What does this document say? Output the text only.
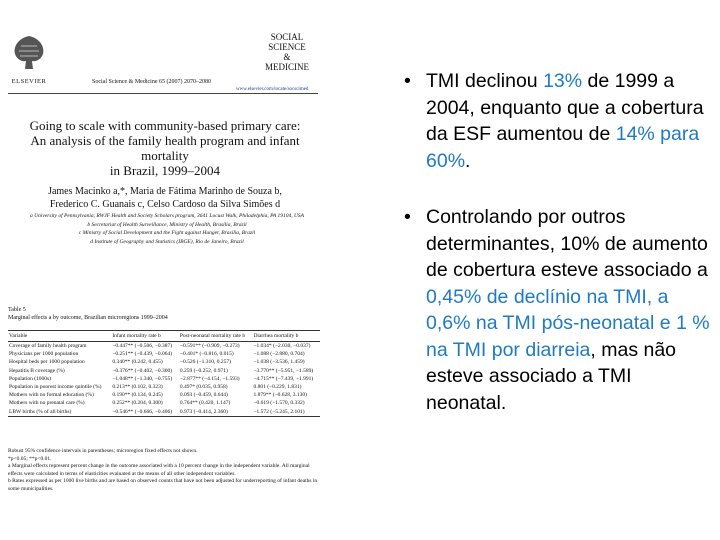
ELSEVIER	Social Science & Medicine 65 (2007) 2070–2080
SOCIAL
SCIENCE
&
MEDICINE
www.elsevier.com/locate/socscimed
Going to scale with community-based primary care:
An analysis of the family health program and infant mortality
in Brazil, 1999–2004
James Macinko a,*, Maria de Fátima Marinho de Souza b,
Frederico C. Guanais c, Celso Cardoso da Silva Simões d
a University of Pennsylvania, RWJF Health and Society Scholars program, 3641 Locust Walk, Philadelphia, PA 19104, USA
b Secretariat of Health Surveillance, Ministry of Health, Brasília, Brazil
c Ministry of Social Development and the Fight against Hunger, Brasília, Brazil
d Institute of Geography and Statistics (IBGE), Rio de Janeiro, Brazil
Table 5
Marginal effects a by outcome, Brazilian microregions 1999–2004
Variable	Infant mortality rate b	Post-neonatal mortality rate b	Diarrhea mortality b
Coverage of family health program	−0.447** (−0.506, −0.387)	−0.591** (−0.909, −0.273)	−1.034* (−2.030, −0.037)
Physicians per 1000 population	−0.251** (−0.439, −0.064)	−0.401* (−0.816, 0.015)	−1.088 (−2.880, 0.704)
Hospital beds per 1000 population	0.340** (0.242, 0.455)	−0.526 (−1.310, 0.257)	−1.038 (−3.536, 1.459)
Hepatitis B coverage (%)	−0.376** (−0.402, −0.300)	0.259 (−0.252, 0.971)	−3.770** (−5.951, −1.589)
Population (1000s)	−1.048** (−1.340, −0.755)	−2.877** (−4.154, −1.593)	−4.715** (−7.439, −1.991)
Population in poorest income quintile (%)	0.213** (0.102, 0.323)	0.497* (0.035, 0.958)	0.801 (−0.229, 1.831)
Mothers with no formal education (%)	0.190** (0.134, 0.245)	0.093 (−0.459, 0.644)	1.879** (−0.628, 3.130)
Mothers with no prenatal care (%)	0.252** (0.204, 0.300)	0.764** (0.420, 1.147)	−0.619 (−1.570, 0.332)
LBW births (% of all births)	−0.546** (−0.666, −0.406)	0.973 (−0.414, 2.360)	−1.572 (−5.245, 2.101)
Robust 95% confidence intervals in parentheses; microregion fixed effects not shown.
*p<0.05; **p<0.01.
a Marginal effects represent percent change in the outcome associated with a 10 percent change in the independent variable. All marginal effects were calculated in terms of elasticities evaluated at the means of all other independent variables.
b Rates expressed as per 1000 live births and are based on observed counts that have not been adjusted for underreporting of infant deaths in some municipalities.
• TMI declinou 13% de 1999 a 2004, enquanto que a cobertura da ESF aumentou de 14% para 60%.
• Controlando por outros determinantes, 10% de aumento de cobertura esteve associado a 0,45% de declínio na TMI, a 0,6% na TMI pós-neonatal e 1 % na TMI por diarreia, mas não esteve associado a TMI neonatal.
